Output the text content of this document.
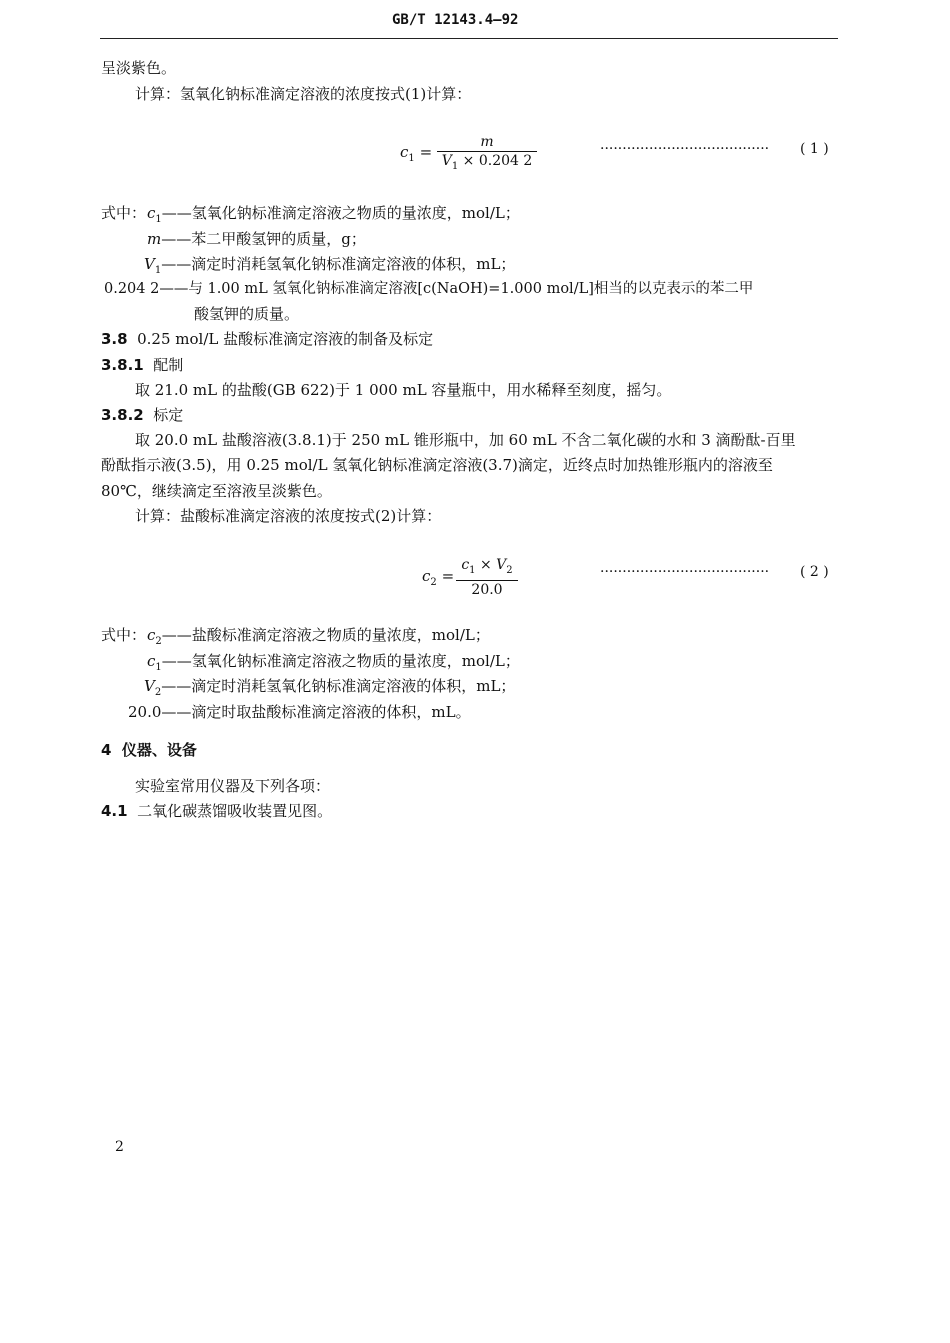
GB/T 12143.4—92
呈淡紫色。
计算：氢氧化钠标准滴定溶液的浓度按式(1)计算：
$c_1$ =
m
$V_1 \times 0.204$ 2
······································ ( 1 )
式中： $c_1——$氢氧化钠标准滴定溶液之物质的量浓度，mol/L；
m——苯二甲酸氢钾的质量，g；
$V_1——$滴定时消耗氢氧化钠标准滴定溶液的体积，mL；
0.204 2——与 1.00 mL 氢氧化钠标准滴定溶液[c(NaOH)=1.000 mol/L]相当的以克表示的苯二甲
酸氢钾的质量。
3.8 0.25 mol/L 盐酸标准滴定溶液的制备及标定
3.8.1 配制
取 21.0 mL 的盐酸(GB 622)于 1 000 mL 容量瓶中，用水稀释至刻度，摇匀。
3.8.2 标定
取 20.0 mL 盐酸溶液(3.8.1)于 250 mL 锥形瓶中，加 60 mL 不含二氧化碳的水和 3 滴酚酞-百里
酚酞指示液(3.5)，用 0.25 mol/L 氢氧化钠标准滴定溶液(3.7)滴定，近终点时加热锥形瓶内的溶液至
80℃，继续滴定至溶液呈淡紫色。
计算：盐酸标准滴定溶液的浓度按式(2)计算：
$c_2$ =
$c_1 \times V_2$
20.0
······································ ( 2 )
式中： $c_2——$盐酸标准滴定溶液之物质的量浓度，mol/L；
$c_1——$氢氧化钠标准滴定溶液之物质的量浓度，mol/L；
$V_2——$滴定时消耗氢氧化钠标准滴定溶液的体积，mL；
20.0——滴定时取盐酸标准滴定溶液的体积，mL。
4 仪器、设备
实验室常用仪器及下列各项：
4.1 二氧化碳蒸馏吸收装置见图。
2
